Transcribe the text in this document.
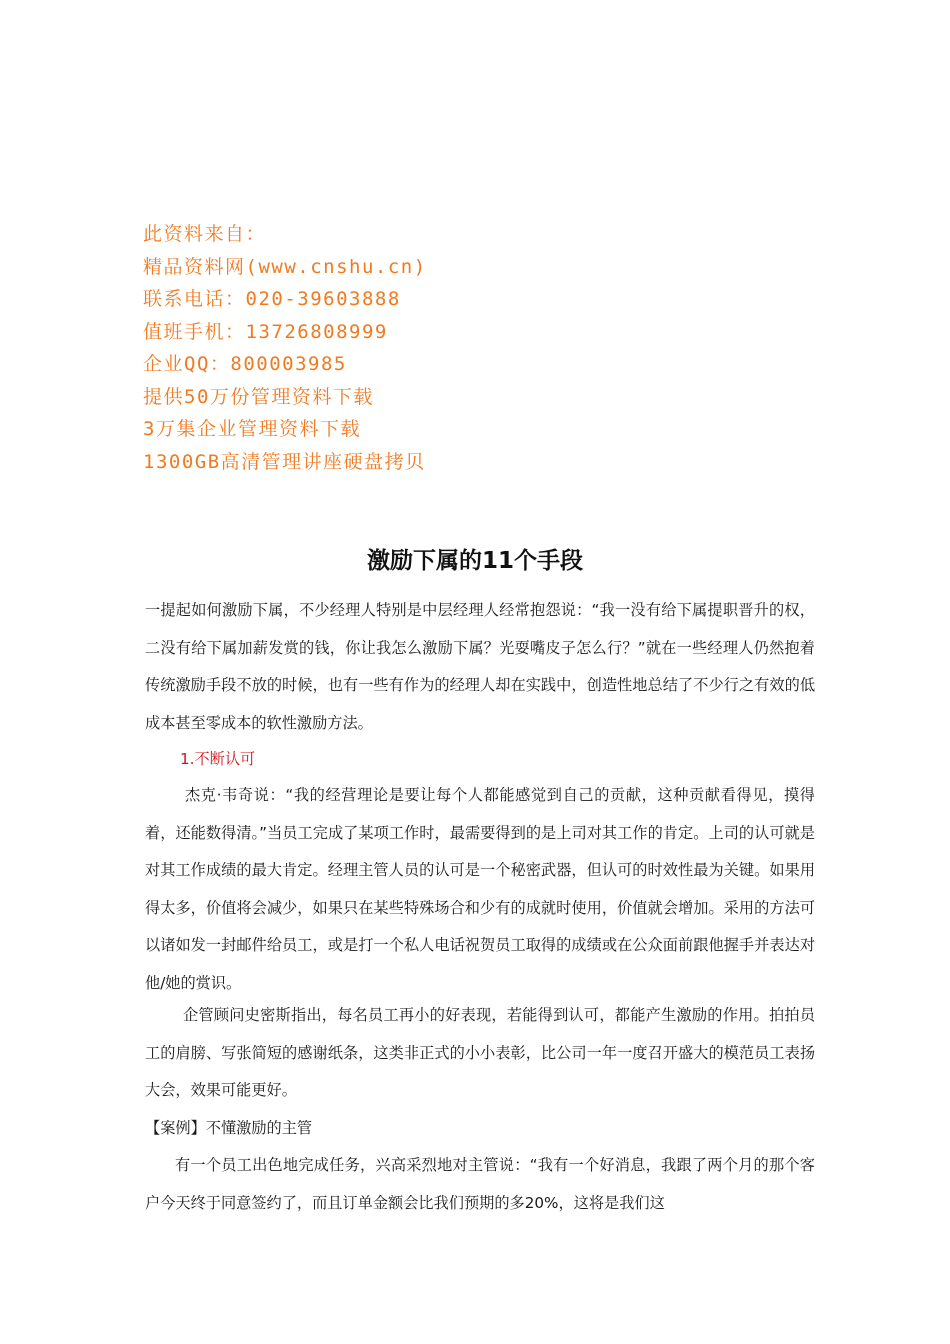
此资料来自：
精品资料网(www.cnshu.cn)
联系电话：020-39603888
值班手机：13726808999
企业QQ：800003985
提供50万份管理资料下载
3万集企业管理资料下载
1300GB高清管理讲座硬盘拷贝
激励下属的11个手段

一提起如何激励下属，不少经理人特别是中层经理人经常抱怨说：“我一没有给下属提职晋升的权，二没有给下属加薪发赏的钱，你让我怎么激励下属？光耍嘴皮子怎么行？”就在一些经理人仍然抱着传统激励手段不放的时候，也有一些有作为的经理人却在实践中，创造性地总结了不少行之有效的低成本甚至零成本的软性激励方法。

1.不断认可

杰克·韦奇说：“我的经营理论是要让每个人都能感觉到自己的贡献，这种贡献看得见，摸得着，还能数得清。”当员工完成了某项工作时，最需要得到的是上司对其工作的肯定。上司的认可就是对其工作成绩的最大肯定。经理主管人员的认可是一个秘密武器，但认可的时效性最为关键。如果用得太多，价值将会减少，如果只在某些特殊场合和少有的成就时使用，价值就会增加。采用的方法可以诸如发一封邮件给员工，或是打一个私人电话祝贺员工取得的成绩或在公众面前跟他握手并表达对他/她的赏识。

企管顾问史密斯指出，每名员工再小的好表现，若能得到认可，都能产生激励的作用。拍拍员工的肩膀、写张简短的感谢纸条，这类非正式的小小表彰，比公司一年一度召开盛大的模范员工表扬大会，效果可能更好。

【案例】不懂激励的主管

有一个员工出色地完成任务，兴高采烈地对主管说：“我有一个好消息，我跟了两个月的那个客户今天终于同意签约了，而且订单金额会比我们预期的多20%，这将是我们这
